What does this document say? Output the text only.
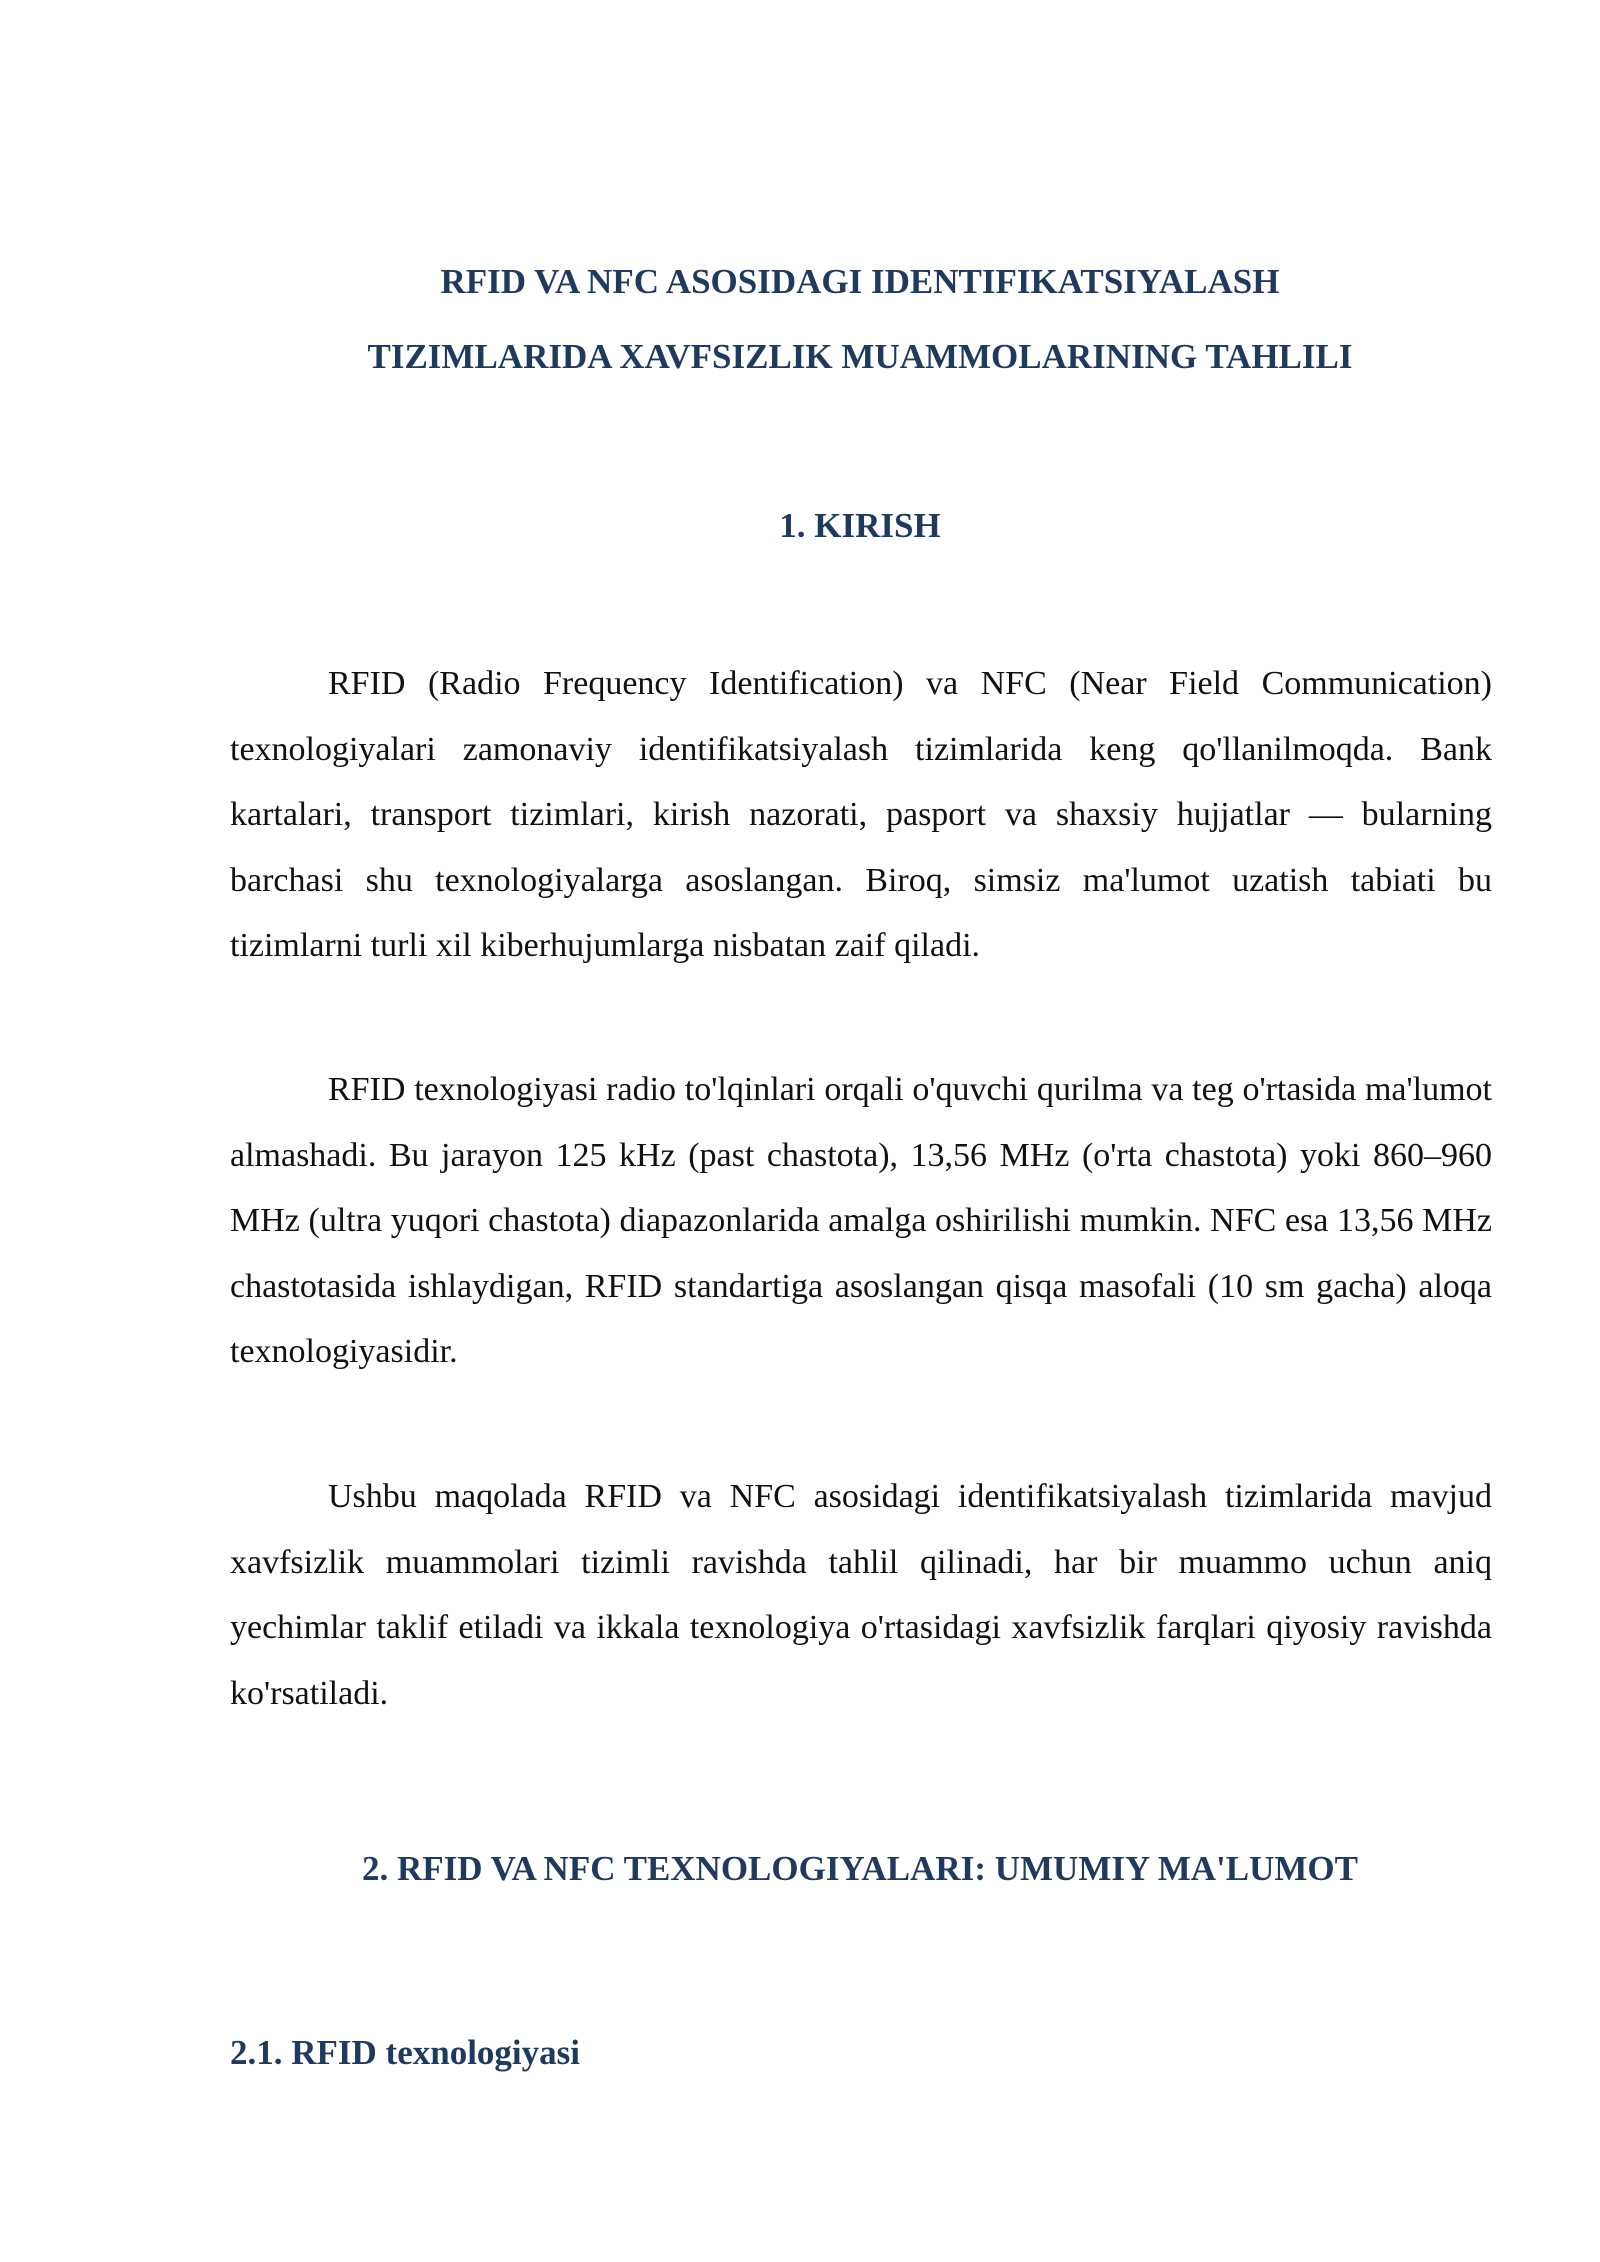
RFID VA NFC ASOSIDAGI IDENTIFIKATSIYALASH
TIZIMLARIDA XAVFSIZLIK MUAMMOLARINING TAHLILI
1. KIRISH

RFID (Radio Frequency Identification) va NFC (Near Field Communication) texnologiyalari zamonaviy identifikatsiyalash tizimlarida keng qo'llanilmoqda. Bank kartalari, transport tizimlari, kirish nazorati, pasport va shaxsiy hujjatlar — bularning barchasi shu texnologiyalarga asoslangan. Biroq, simsiz ma'lumot uzatish tabiati bu tizimlarni turli xil kiberhujumlarga nisbatan zaif qiladi.

RFID texnologiyasi radio to'lqinlari orqali o'quvchi qurilma va teg o'rtasida ma'lumot almashadi. Bu jarayon 125 kHz (past chastota), 13,56 MHz (o'rta chastota) yoki 860–960 MHz (ultra yuqori chastota) diapazonlarida amalga oshirilishi mumkin. NFC esa 13,56 MHz chastotasida ishlaydigan, RFID standartiga asoslangan qisqa masofali (10 sm gacha) aloqa texnologiyasidir.

Ushbu maqolada RFID va NFC asosidagi identifikatsiyalash tizimlarida mavjud xavfsizlik muammolari tizimli ravishda tahlil qilinadi, har bir muammo uchun aniq yechimlar taklif etiladi va ikkala texnologiya o'rtasidagi xavfsizlik farqlari qiyosiy ravishda ko'rsatiladi.

2. RFID VA NFC TEXNOLOGIYALARI: UMUMIY MA'LUMOT
2.1. RFID texnologiyasi
